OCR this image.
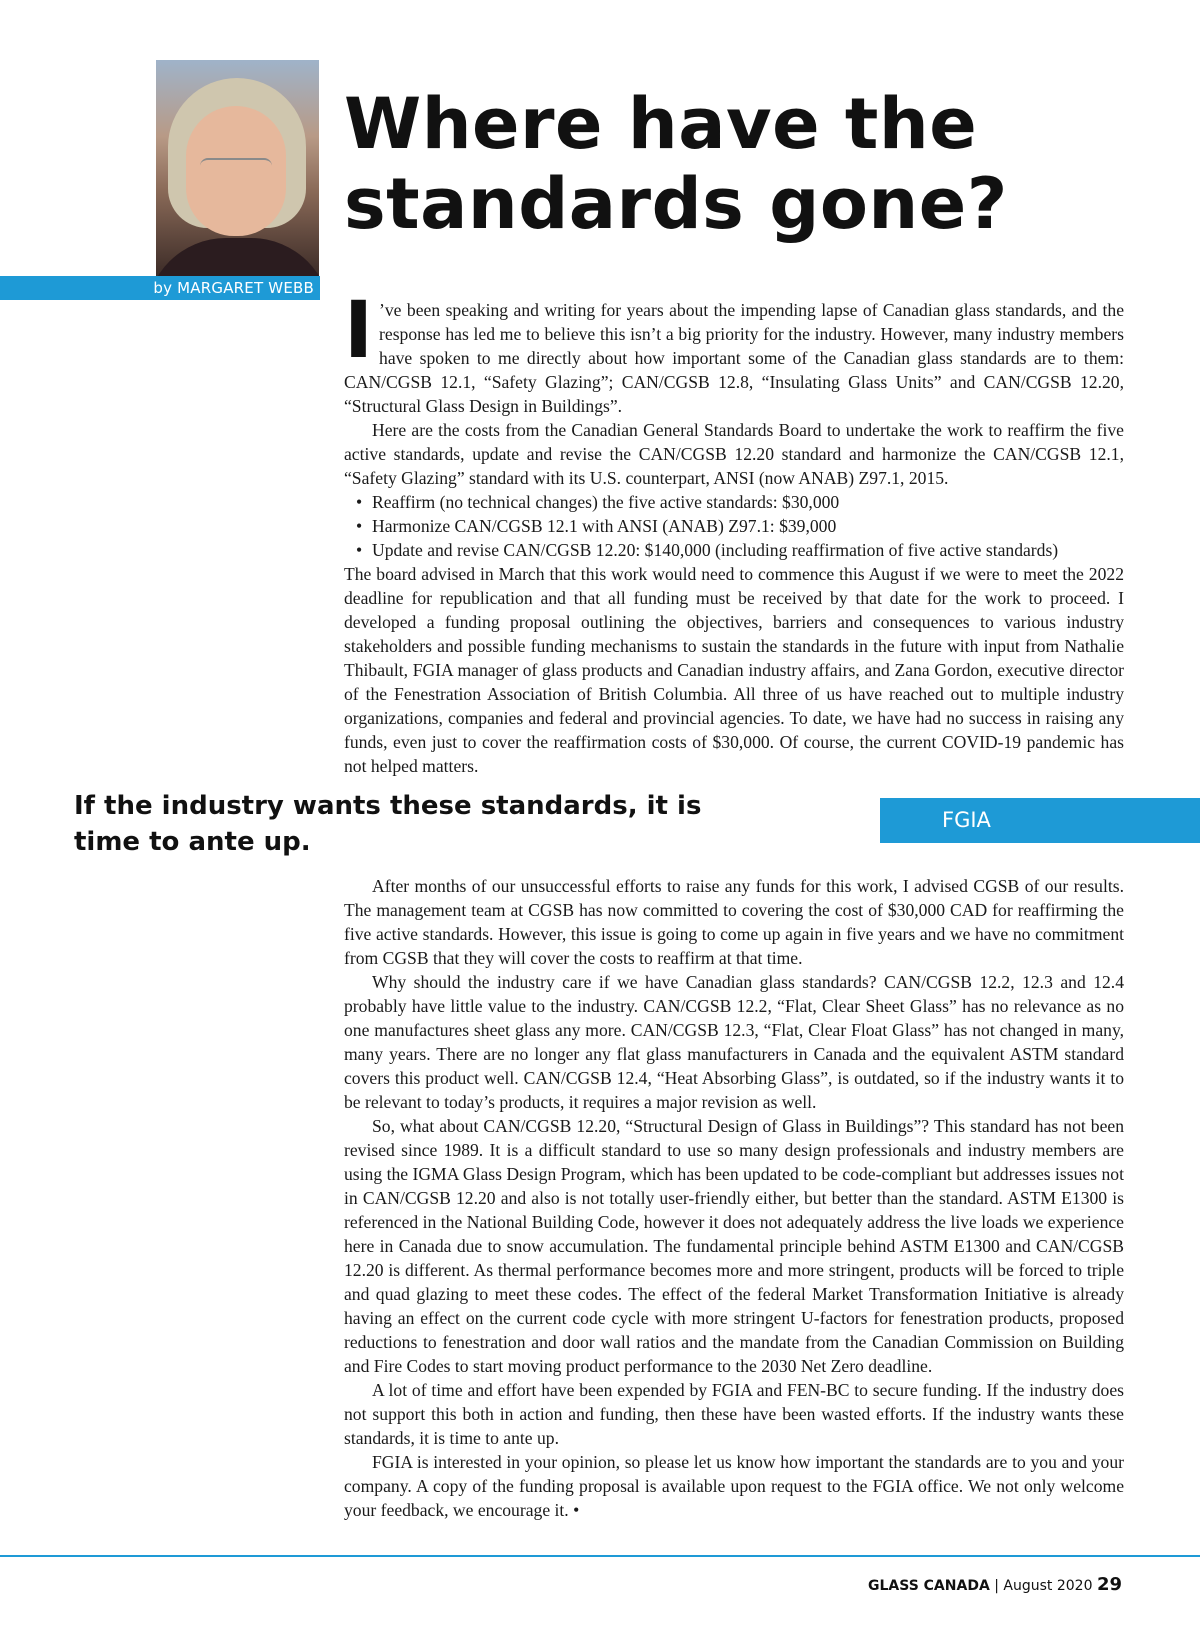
by MARGARET WEBB
Where have the
standards gone?

I ’ve been speaking and writing for years about the impending lapse of Canadian glass standards, and the response has led me to believe this isn’t a big priority for the industry. However, many industry members have spoken to me directly about how important some of the Canadian glass standards are to them: CAN/CGSB 12.1, “Safety Glazing”; CAN/CGSB 12.8, “Insulating Glass Units” and CAN/CGSB 12.20, “Structural Glass Design in Buildings”.

Here are the costs from the Canadian General Standards Board to undertake the work to reaffirm the five active standards, update and revise the CAN/CGSB 12.20 standard and harmonize the CAN/CGSB 12.1, “Safety Glazing” standard with its U.S. counterpart, ANSI (now ANAB) Z97.1, 2015.

• Reaffirm (no technical changes) the five active standards: $30,000
• Harmonize CAN/CGSB 12.1 with ANSI (ANAB) Z97.1: $39,000
• Update and revise CAN/CGSB 12.20: $140,000 (including reaffirmation of five active standards)

The board advised in March that this work would need to commence this August if we were to meet the 2022 deadline for republication and that all funding must be received by that date for the work to proceed. I developed a funding proposal outlining the objectives, barriers and consequences to various industry stakeholders and possible funding mechanisms to sustain the standards in the future with input from Nathalie Thibault, FGIA manager of glass products and Canadian industry affairs, and Zana Gordon, executive director of the Fenestration Association of British Columbia. All three of us have reached out to multiple industry organizations, companies and federal and provincial agencies. To date, we have had no success in raising any funds, even just to cover the reaffirmation costs of $30,000. Of course, the current COVID-19 pandemic has not helped matters.

If the industry wants these standards, it is time to ante up.

FGIA

After months of our unsuccessful efforts to raise any funds for this work, I advised CGSB of our results. The management team at CGSB has now committed to covering the cost of $30,000 CAD for reaffirming the five active standards. However, this issue is going to come up again in five years and we have no commitment from CGSB that they will cover the costs to reaffirm at that time.

Why should the industry care if we have Canadian glass standards? CAN/CGSB 12.2, 12.3 and 12.4 probably have little value to the industry. CAN/CGSB 12.2, “Flat, Clear Sheet Glass” has no relevance as no one manufactures sheet glass any more. CAN/CGSB 12.3, “Flat, Clear Float Glass” has not changed in many, many years. There are no longer any flat glass manufacturers in Canada and the equivalent ASTM standard covers this product well. CAN/CGSB 12.4, “Heat Absorbing Glass”, is outdated, so if the industry wants it to be relevant to today’s products, it requires a major revision as well.

So, what about CAN/CGSB 12.20, “Structural Design of Glass in Buildings”? This standard has not been revised since 1989. It is a difficult standard to use so many design professionals and industry members are using the IGMA Glass Design Program, which has been updated to be code-compliant but addresses issues not in CAN/CGSB 12.20 and also is not totally user-friendly either, but better than the standard. ASTM E1300 is referenced in the National Building Code, however it does not adequately address the live loads we experience here in Canada due to snow accumulation. The fundamental principle behind ASTM E1300 and CAN/CGSB 12.20 is different. As thermal performance becomes more and more stringent, products will be forced to triple and quad glazing to meet these codes. The effect of the federal Market Transformation Initiative is already having an effect on the current code cycle with more stringent U-factors for fenestration products, proposed reductions to fenestration and door wall ratios and the mandate from the Canadian Commission on Building and Fire Codes to start moving product performance to the 2030 Net Zero deadline.

A lot of time and effort have been expended by FGIA and FEN-BC to secure funding. If the industry does not support this both in action and funding, then these have been wasted efforts. If the industry wants these standards, it is time to ante up.

FGIA is interested in your opinion, so please let us know how important the standards are to you and your company. A copy of the funding proposal is available upon request to the FGIA office. We not only welcome your feedback, we encourage it. •

GLASS CANADA | August 2020 29
